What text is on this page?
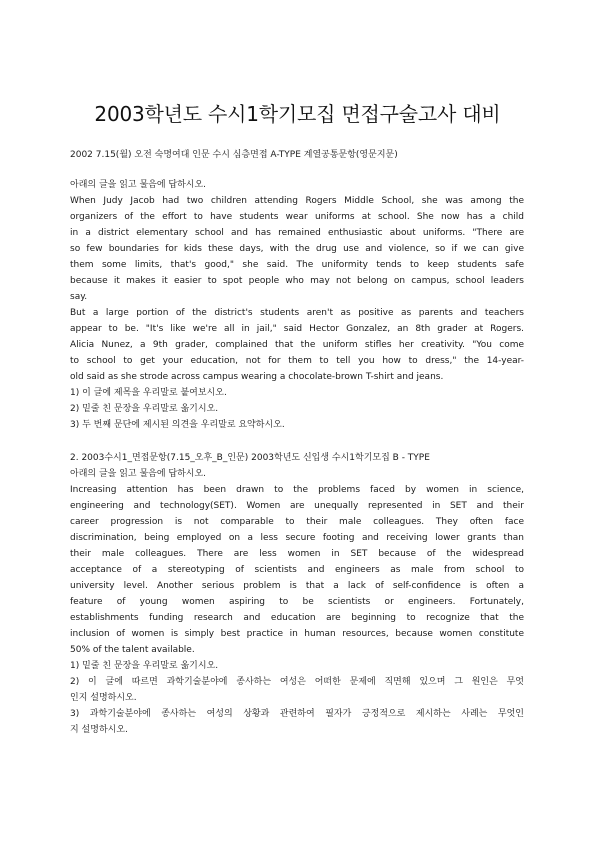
2003학년도 수시1학기모집 면접구술고사 대비
2002 7.15(월) 오전 숙명여대 인문 수시 심층면접 A-TYPE 계열공통문항(영문지문)

아래의 글을 읽고 물음에 답하시오.

When Judy Jacob had two children attending Rogers Middle School, she was among the

organizers of the effort to have students wear uniforms at school. She now has a child

in a district elementary school and has remained enthusiastic about uniforms. "There are

so few boundaries for kids these days, with the drug use and violence, so if we can give

them some limits, that's good," she said. The uniformity tends to keep students safe

because it makes it easier to spot people who may not belong on campus, school leaders

say.

But a large portion of the district's students aren't as positive as parents and teachers

appear to be. "It's like we're all in jail," said Hector Gonzalez, an 8th grader at Rogers.

Alicia Nunez, a 9th grader, complained that the uniform stifles her creativity. "You come

to school to get your education, not for them to tell you how to dress," the 14-year-

old said as she strode across campus wearing a chocolate-brown T-shirt and jeans.

1) 이 글에 제목을 우리말로 붙여보시오.

2) 밑줄 친 문장을 우리말로 옮기시오.

3) 두 번째 문단에 제시된 의견을 우리말로 요약하시오.

2. 2003수시1_면접문항(7.15_오후_B_인문) 2003학년도 신입생 수시1학기모집 B - TYPE

아래의 글을 읽고 물음에 답하시오.

Increasing attention has been drawn to the problems faced by women in science,

engineering and technology(SET). Women are unequally represented in SET and their

career progression is not comparable to their male colleagues. They often face

discrimination, being employed on a less secure footing and receiving lower grants than

their male colleagues. There are less women in SET because of the widespread

acceptance of a stereotyping of scientists and engineers as male from school to

university level. Another serious problem is that a lack of self-confidence is often a

feature of young women aspiring to be scientists or engineers. Fortunately,

establishments funding research and education are beginning to recognize that the

inclusion of women is simply best practice in human resources, because women constitute

50% of the talent available.

1) 밑줄 친 문장을 우리말로 옮기시오.

2) 이 글에 따르면 과학기술분야에 종사하는 여성은 어떠한 문제에 직면해 있으며 그 원인은 무엇

인지 설명하시오.

3) 과학기술분야에 종사하는 여성의 상황과 관련하여 필자가 긍정적으로 제시하는 사례는 무엇인

지 설명하시오.
